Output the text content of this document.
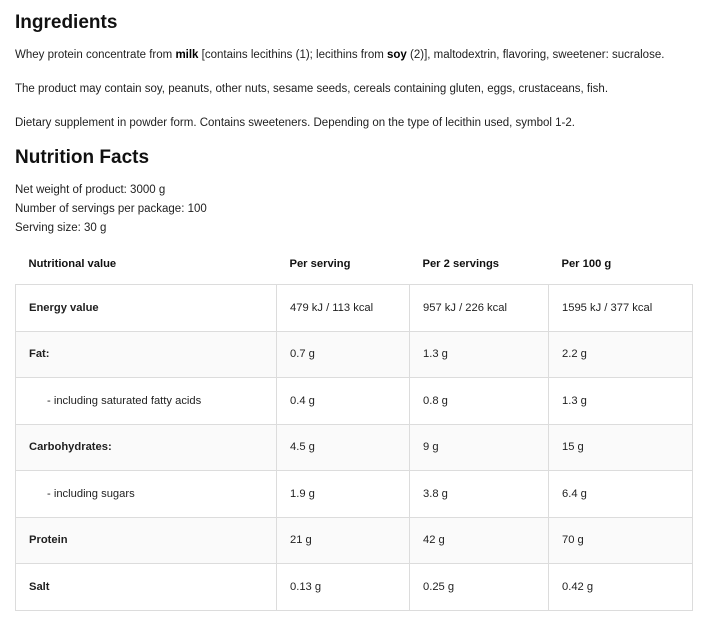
Ingredients

Whey protein concentrate from milk [contains lecithins (1); lecithins from soy (2)], maltodextrin, flavoring, sweetener: sucralose.

The product may contain soy, peanuts, other nuts, sesame seeds, cereals containing gluten, eggs, crustaceans, fish.

Dietary supplement in powder form. Contains sweeteners. Depending on the type of lecithin used, symbol 1-2.

Nutrition Facts

Net weight of product: 3000 g

Number of servings per package: 100

Serving size: 30 g

Nutritional value	Per serving	Per 2 servings	Per 100 g
Energy value	479 kJ / 113 kcal	957 kJ / 226 kcal	1595 kJ / 377 kcal
Fat:	0.7 g	1.3 g	2.2 g
- including saturated fatty acids	0.4 g	0.8 g	1.3 g
Carbohydrates:	4.5 g	9 g	15 g
- including sugars	1.9 g	3.8 g	6.4 g
Protein	21 g	42 g	70 g
Salt	0.13 g	0.25 g	0.42 g
